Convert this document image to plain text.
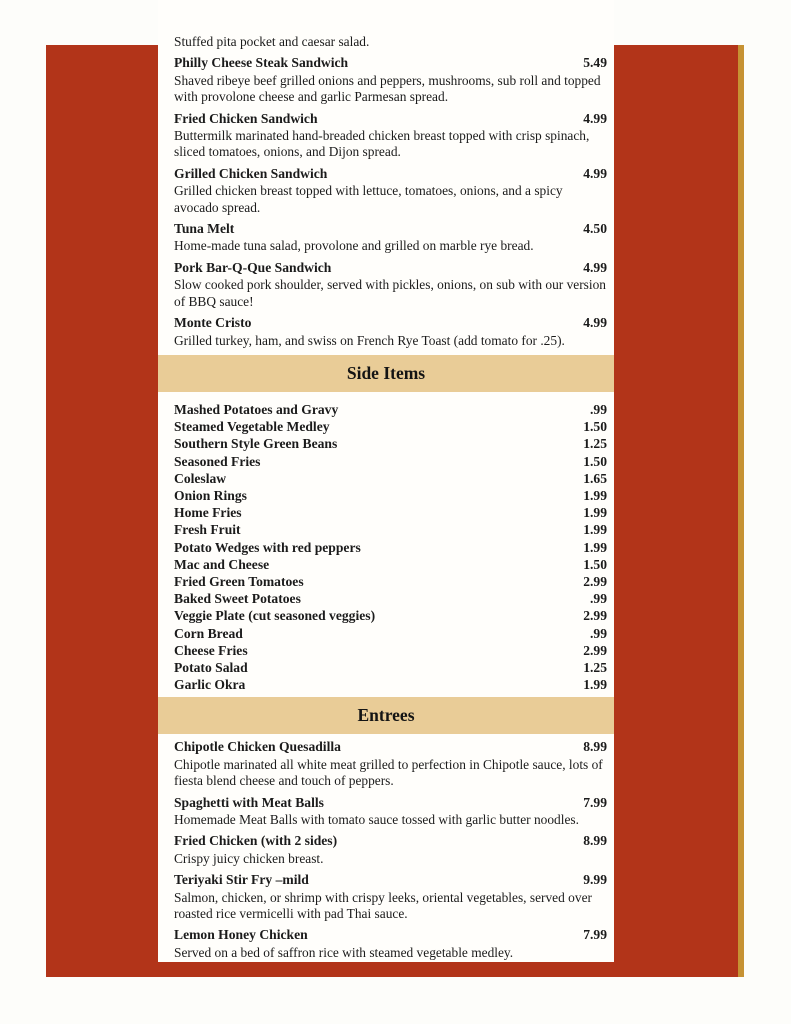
Stuffed pita pocket and caesar salad.

Philly Cheese Steak Sandwich	5.49

Shaved ribeye beef grilled onions and peppers, mushrooms, sub roll and topped with provolone cheese and garlic Parmesan spread.

Fried Chicken Sandwich	4.99

Buttermilk marinated hand-breaded chicken breast topped with crisp spinach, sliced tomatoes, onions, and Dijon spread.

Grilled Chicken Sandwich	4.99

Grilled chicken breast topped with lettuce, tomatoes, onions, and a spicy avocado spread.

Tuna Melt	4.50

Home-made tuna salad, provolone and grilled on marble rye bread.

Pork Bar-Q-Que Sandwich	4.99

Slow cooked pork shoulder, served with pickles, onions, on sub with our version of BBQ sauce!

Monte Cristo	4.99

Grilled turkey, ham, and swiss on French Rye Toast (add tomato for .25).

Side Items
Mashed Potatoes and Gravy	.99
Steamed Vegetable Medley	1.50
Southern Style Green Beans	1.25
Seasoned Fries	1.50
Coleslaw	1.65
Onion Rings	1.99
Home Fries	1.99
Fresh Fruit	1.99
Potato Wedges with red peppers	1.99
Mac and Cheese	1.50
Fried Green Tomatoes	2.99
Baked Sweet Potatoes	.99
Veggie Plate (cut seasoned veggies)	2.99
Corn Bread	.99
Cheese Fries	2.99
Potato Salad	1.25
Garlic Okra	1.99
Entrees
Chipotle Chicken Quesadilla	8.99

Chipotle marinated all white meat grilled to perfection in Chipotle sauce, lots of fiesta blend cheese and touch of peppers.

Spaghetti with Meat Balls	7.99

Homemade Meat Balls with tomato sauce tossed with garlic butter noodles.

Fried Chicken (with 2 sides)	8.99

Crispy juicy chicken breast.

Teriyaki Stir Fry –mild	9.99

Salmon, chicken, or shrimp with crispy leeks, oriental vegetables, served over roasted rice vermicelli with pad Thai sauce.

Lemon Honey Chicken	7.99

Served on a bed of saffron rice with steamed vegetable medley.
